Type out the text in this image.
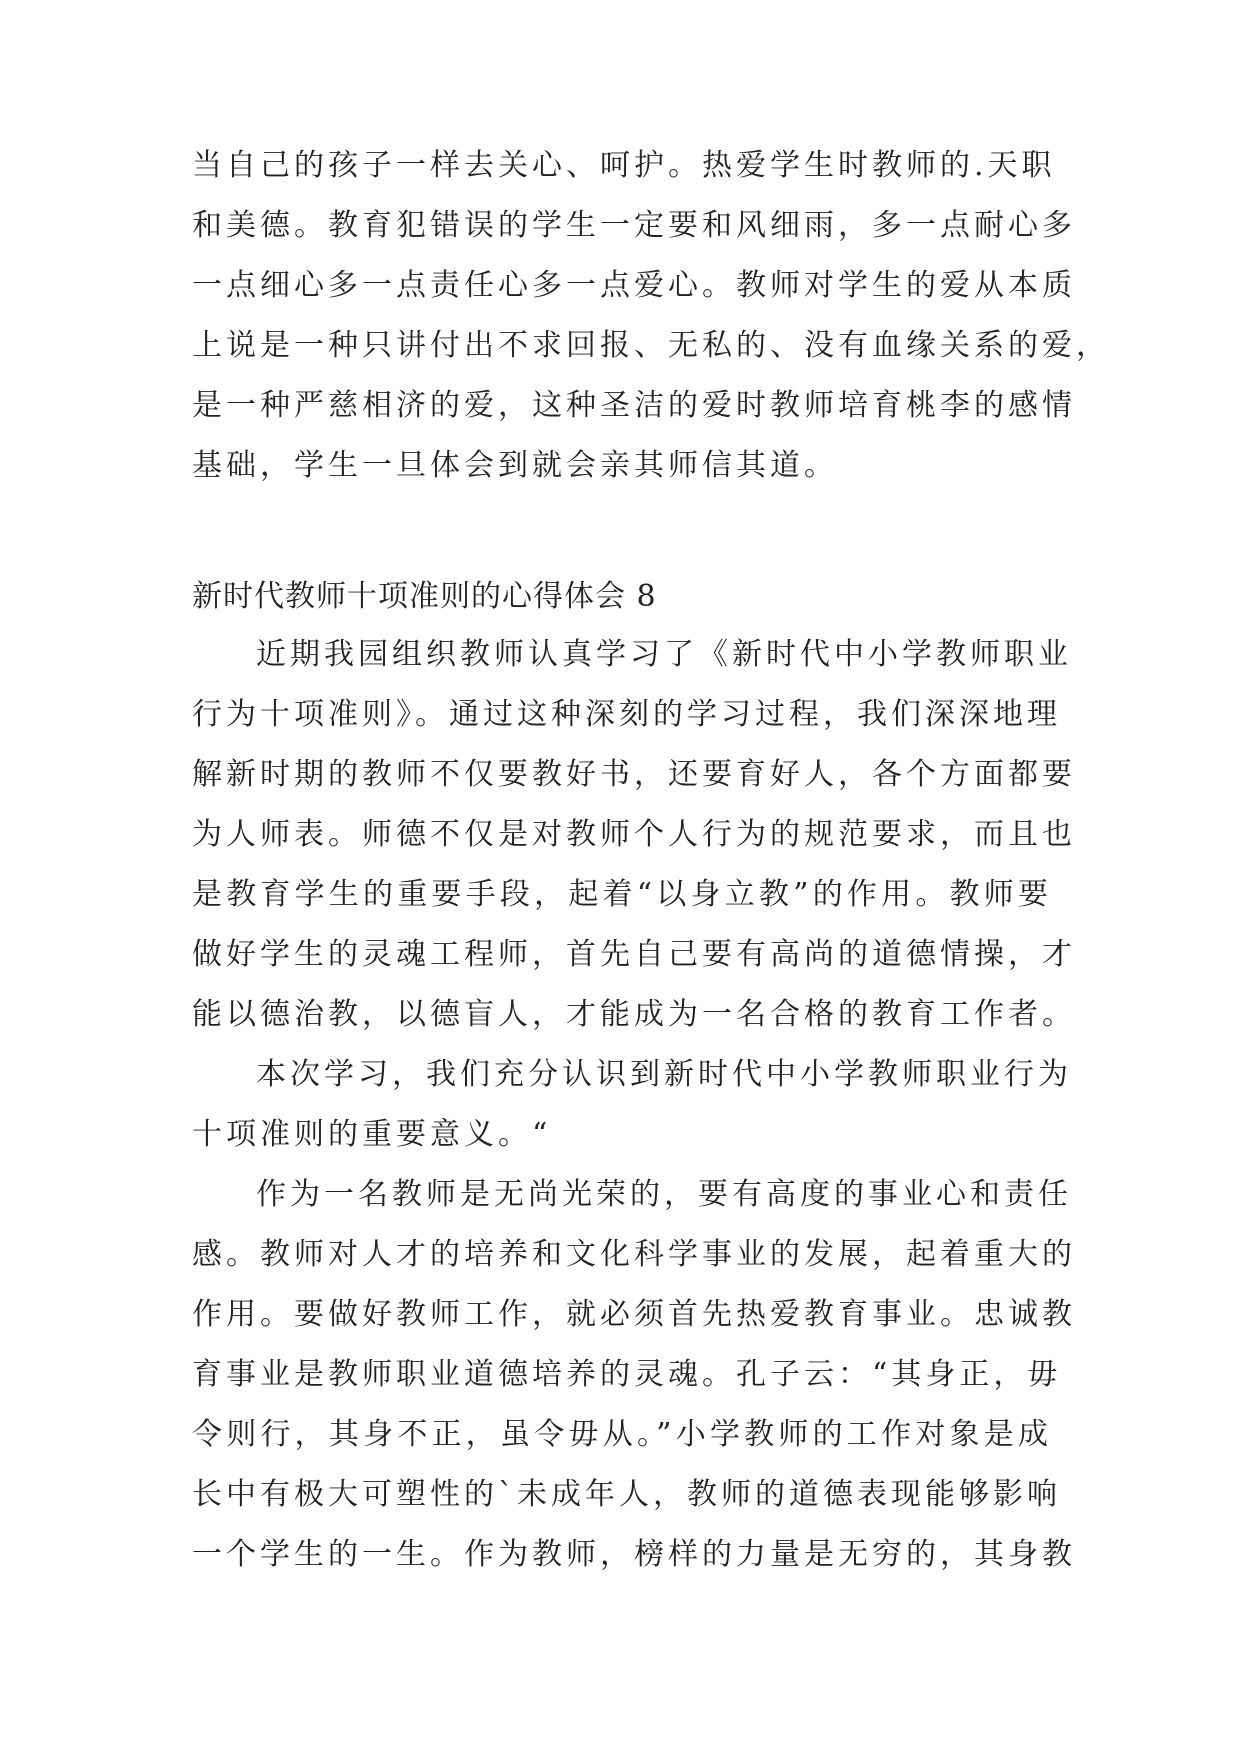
当自己的孩子一样去关心、呵护。热爱学生时教师的.天职
和美德。教育犯错误的学生一定要和风细雨，多一点耐心多
一点细心多一点责任心多一点爱心。教师对学生的爱从本质
上说是一种只讲付出不求回报、无私的、没有血缘关系的爱，
是一种严慈相济的爱，这种圣洁的爱时教师培育桃李的感情
基础，学生一旦体会到就会亲其师信其道。
新时代教师十项准则的心得体会 8
近期我园组织教师认真学习了《新时代中小学教师职业
行为十项准则》。通过这种深刻的学习过程，我们深深地理
解新时期的教师不仅要教好书，还要育好人，各个方面都要
为人师表。师德不仅是对教师个人行为的规范要求，而且也
是教育学生的重要手段，起着“以身立教”的作用。教师要
做好学生的灵魂工程师，首先自己要有高尚的道德情操，才
能以德治教，以德盲人，才能成为一名合格的教育工作者。
本次学习，我们充分认识到新时代中小学教师职业行为
十项准则的重要意义。“
作为一名教师是无尚光荣的，要有高度的事业心和责任
感。教师对人才的培养和文化科学事业的发展，起着重大的
作用。要做好教师工作，就必须首先热爱教育事业。忠诚教
育事业是教师职业道德培养的灵魂。孔子云：“其身正，毋
令则行，其身不正，虽令毋从。”小学教师的工作对象是成
长中有极大可塑性的`未成年人，教师的道德表现能够影响
一个学生的一生。作为教师，榜样的力量是无穷的，其身教
